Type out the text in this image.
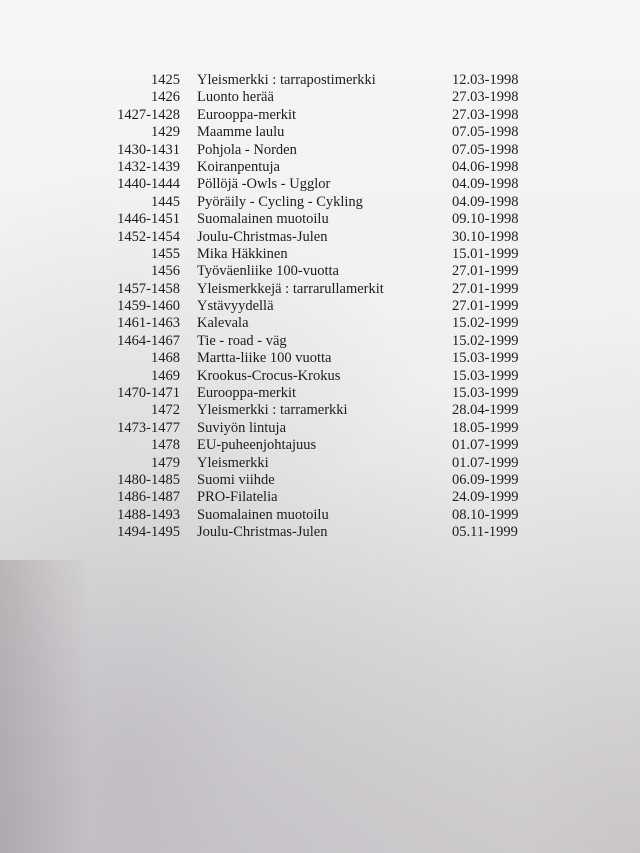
1425 Yleismerkki : tarrapostimerkki	12.03-1998
1426 Luonto herää	27.03-1998
1427-1428 Eurooppa-merkit	27.03-1998
1429 Maamme laulu	07.05-1998
1430-1431 Pohjola - Norden	07.05-1998
1432-1439 Koiranpentuja	04.06-1998
1440-1444 Pöllöjä -Owls - Ugglor	04.09-1998
1445 Pyöräily - Cycling - Cykling	04.09-1998
1446-1451 Suomalainen muotoilu	09.10-1998
1452-1454 Joulu-Christmas-Julen	30.10-1998
1455 Mika Häkkinen	15.01-1999
1456 Työväenliike 100-vuotta	27.01-1999
1457-1458 Yleismerkkejä : tarrarullamerkit	27.01-1999
1459-1460 Ystävyydellä	27.01-1999
1461-1463 Kalevala	15.02-1999
1464-1467 Tie - road - väg	15.02-1999
1468 Martta-liike 100 vuotta	15.03-1999
1469 Krookus-Crocus-Krokus	15.03-1999
1470-1471 Eurooppa-merkit	15.03-1999
1472 Yleismerkki : tarramerkki	28.04-1999
1473-1477 Suviyön lintuja	18.05-1999
1478 EU-puheenjohtajuus	01.07-1999
1479 Yleismerkki	01.07-1999
1480-1485 Suomi viihde	06.09-1999
1486-1487 PRO-Filatelia	24.09-1999
1488-1493 Suomalainen muotoilu	08.10-1999
1494-1495 Joulu-Christmas-Julen	05.11-1999
